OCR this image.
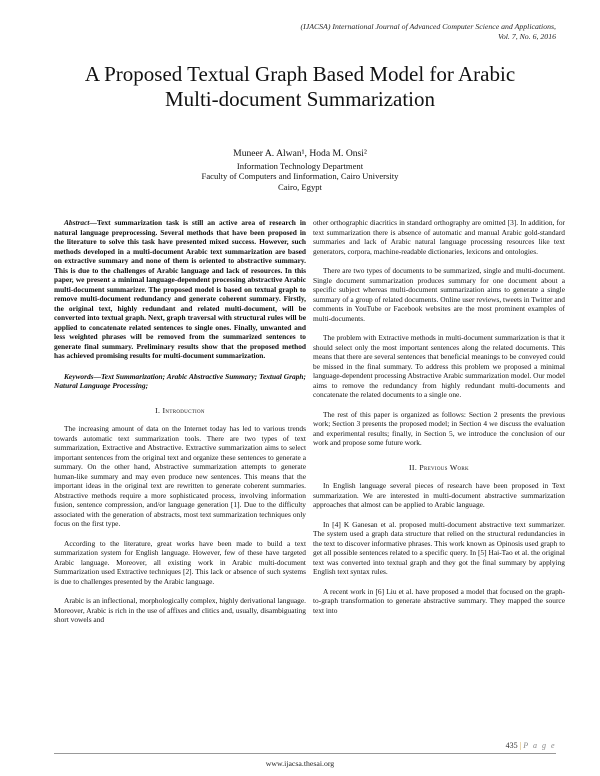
(IJACSA) International Journal of Advanced Computer Science and Applications,
Vol. 7, No. 6, 2016
A Proposed Textual Graph Based Model for Arabic
Multi-document Summarization
Muneer A. Alwan¹, Hoda M. Onsi²
Information Technology Department
Faculty of Computers and Iinformation, Cairo University
Cairo, Egypt

Abstract—Text summarization task is still an active area of research in natural language preprocessing. Several methods that have been proposed in the literature to solve this task have presented mixed success. However, such methods developed in a multi-document Arabic text summarization are based on extractive summary and none of them is oriented to abstractive summary. This is due to the challenges of Arabic language and lack of resources. In this paper, we present a minimal language-dependent processing abstractive Arabic multi-document summarizer. The proposed model is based on textual graph to remove multi-document redundancy and generate coherent summary. Firstly, the original text, highly redundant and related multi-document, will be converted into textual graph. Next, graph traversal with structural rules will be applied to concatenate related sentences to single ones. Finally, unwanted and less weighted phrases will be removed from the summarized sentences to generate final summary. Preliminary results show that the proposed method has achieved promising results for multi-document summarization.

Keywords—Text Summarization; Arabic Abstractive Summary; Textual Graph; Natural Language Processing;

I. Introduction

The increasing amount of data on the Internet today has led to various trends towards automatic text summarization tools. There are two types of text summarization, Extractive and Abstractive. Extractive summarization aims to select important sentences from the original text and organize these sentences to generate a summary. On the other hand, Abstractive summarization attempts to generate human-like summary and may even produce new sentences. This means that the important ideas in the original text are rewritten to generate coherent summaries. Abstractive methods require a more sophisticated process, involving information fusion, sentence compression, and/or language generation [1]. Due to the difficulty associated with the generation of abstracts, most text summarization techniques only focus on the first type.

According to the literature, great works have been made to build a text summarization system for English language. However, few of these have targeted Arabic language. Moreover, all existing work in Arabic multi-document Summarization used Extractive techniques [2]. This lack or absence of such systems is due to challenges presented by the Arabic language.

Arabic is an inflectional, morphologically complex, highly derivational language. Moreover, Arabic is rich in the use of affixes and clitics and, usually, disambiguating short vowels and

other orthographic diacritics in standard orthography are omitted [3]. In addition, for text summarization there is absence of automatic and manual Arabic gold-standard summaries and lack of Arabic natural language processing resources like text generators, corpora, machine-readable dictionaries, lexicons and ontologies.

There are two types of documents to be summarized, single and multi-document. Single document summarization produces summary for one document about a specific subject whereas multi-document summarization aims to generate a single summary of a group of related documents. Online user reviews, tweets in Twitter and comments in YouTube or Facebook websites are the most prominent examples of multi-documents.

The problem with Extractive methods in multi-document summarization is that it should select only the most important sentences along the related documents. This means that there are several sentences that beneficial meanings to be conveyed could be missed in the final summary. To address this problem we proposed a minimal language-dependent processing Abstractive Arabic summarization model. Our model aims to remove the redundancy from highly redundant multi-documents and concatenate the related documents to a single one.

The rest of this paper is organized as follows: Section 2 presents the previous work; Section 3 presents the proposed model; in Section 4 we discuss the evaluation and experimental results; finally, in Section 5, we introduce the conclusion of our work and propose some future work.

II. Previous Work

In English language several pieces of research have been proposed in Text summarization. We are interested in multi-document abstractive summarization approaches that almost can be applied to Arabic language.

In [4] K Ganesan et al. proposed multi-document abstractive text summarizer. The system used a graph data structure that relied on the structural redundancies in the text to discover informative phrases. This work known as Opinosis used graph to get all possible sentences related to a specific query. In [5] Hai-Tao et al. the original text was converted into textual graph and they got the final summary by applying English text syntax rules.

A recent work in [6] Liu et al. have proposed a model that focused on the graph-to-graph transformation to generate abstractive summary. They mapped the source text into

435 | P a g e
www.ijacsa.thesai.org
